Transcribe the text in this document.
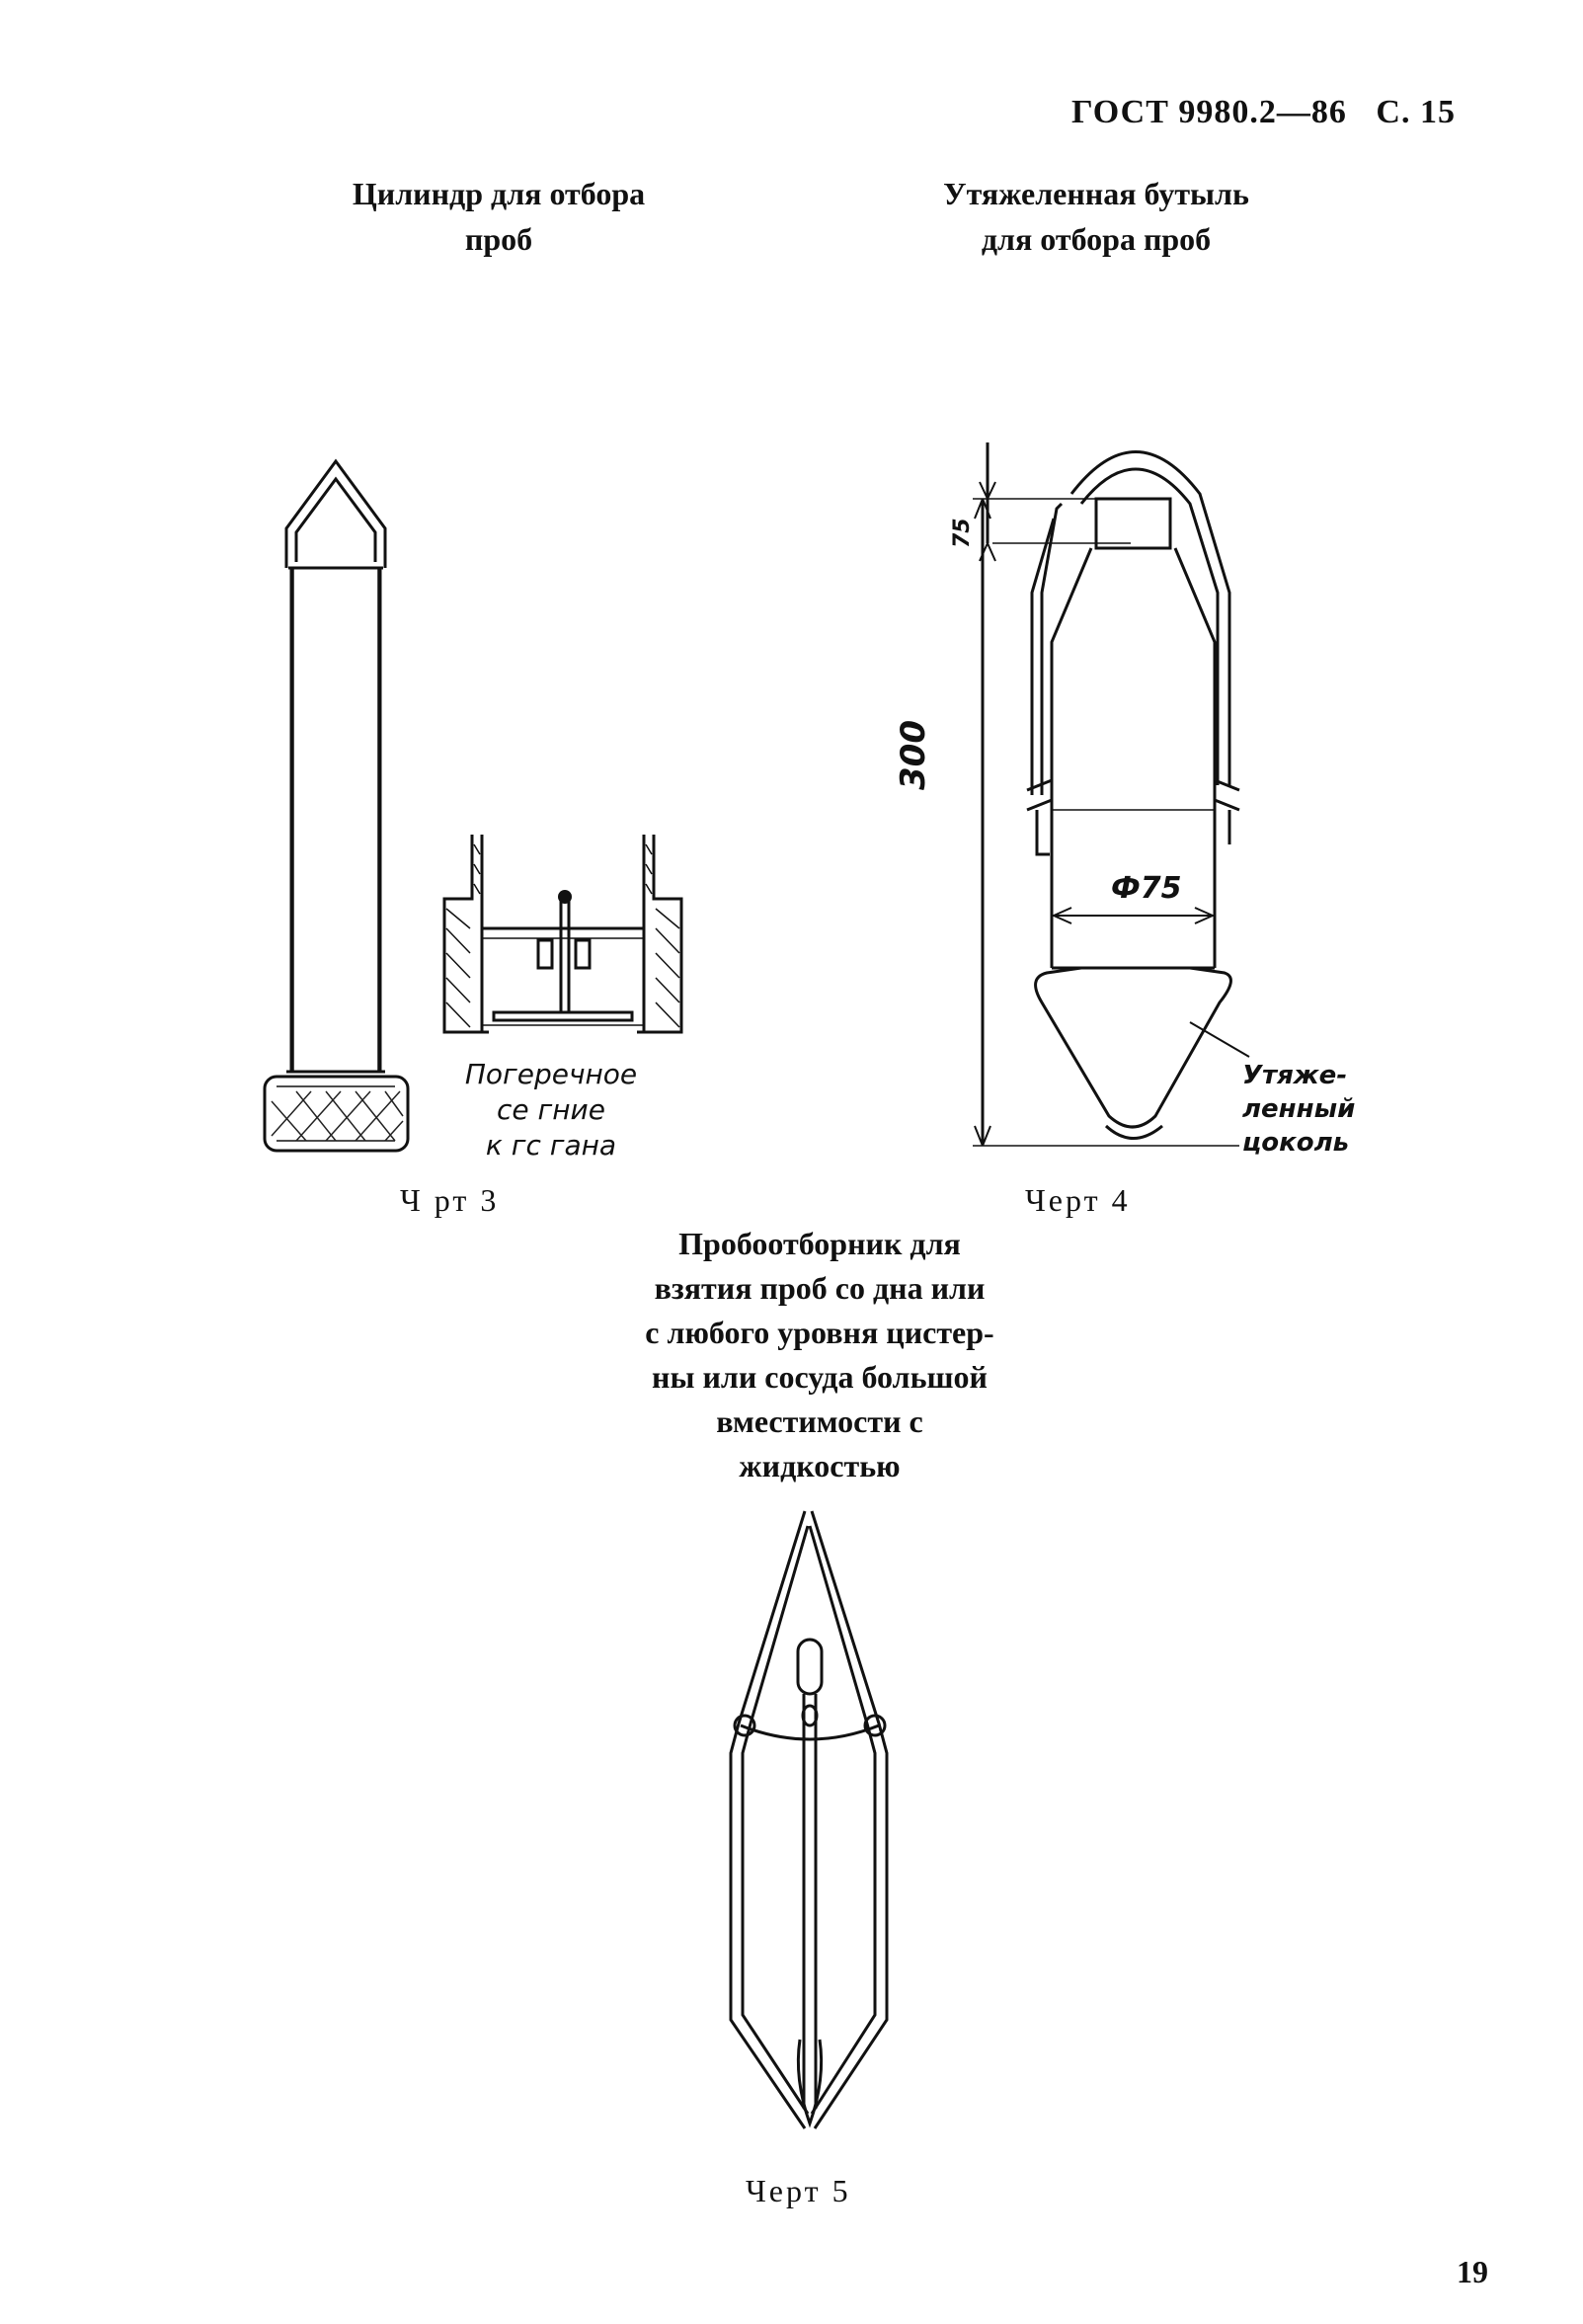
ГОСТ 9980.2—86 С. 15
Цилиндр для отбора
проб
Утяжеленная бутыль
для отбора проб
Погеречное
се гние
к гс гана
Ч рт 3
300
75
Ф75
Утяже-
ленный
цоколь
Черт 4
Пробоотборник для
взятия проб со дна или
с любого уровня цистер-
ны или сосуда большой
вместимости с
жидкостью
Черт 5
19
